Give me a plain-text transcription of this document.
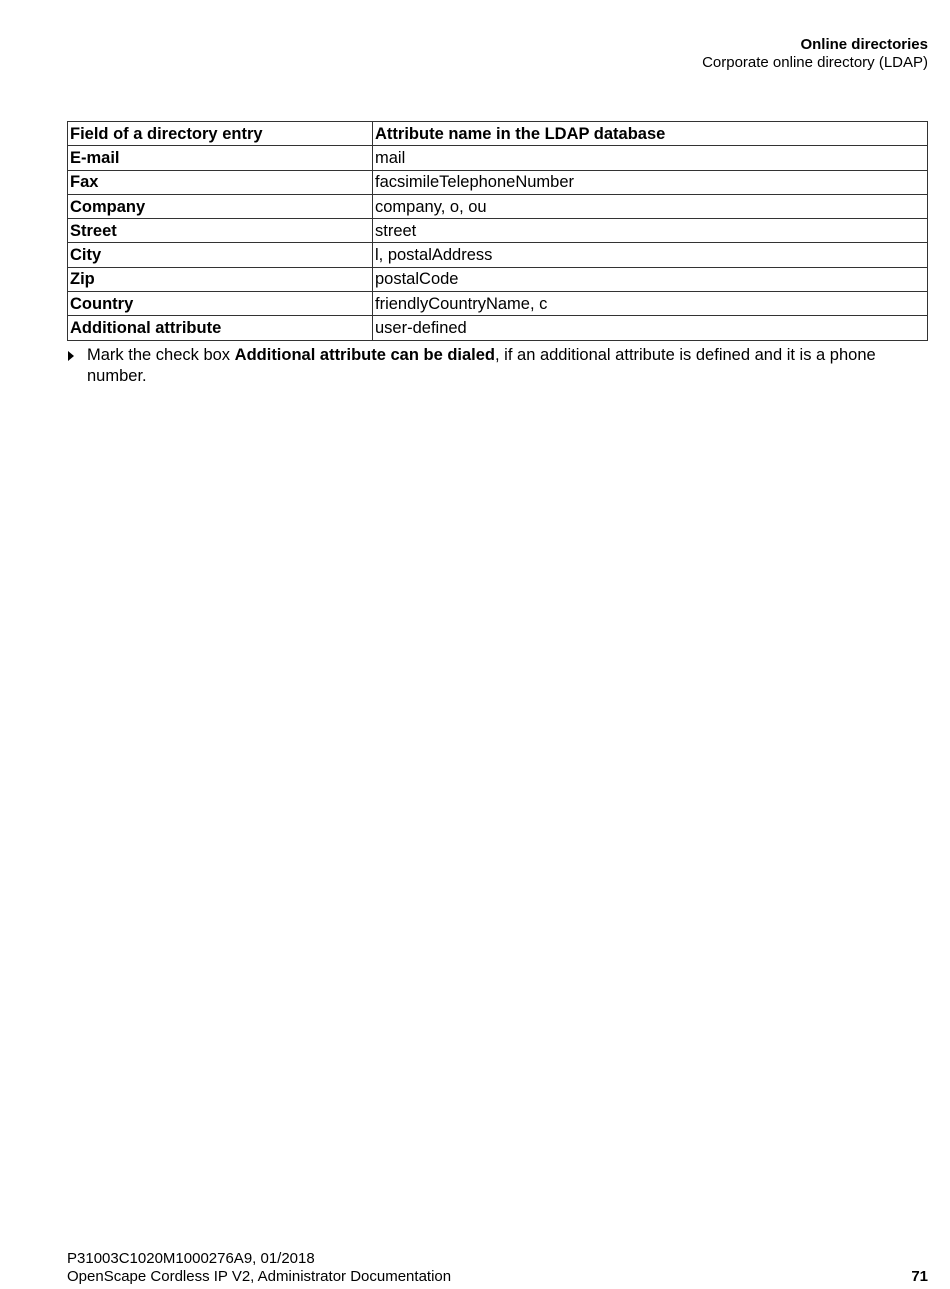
Online directories
Corporate online directory (LDAP)
Field of a directory entry	Attribute name in the LDAP database
E-mail	mail
Fax	facsimileTelephoneNumber
Company	company, o, ou
Street	street
City	l, postalAddress
Zip	postalCode
Country	friendlyCountryName, c
Additional attribute	user-defined
Mark the check box Additional attribute can be dialed, if an additional attribute is defined and it is a phone number.
P31003C1020M1000276A9, 01/2018
OpenScape Cordless IP V2, Administrator Documentation	71
